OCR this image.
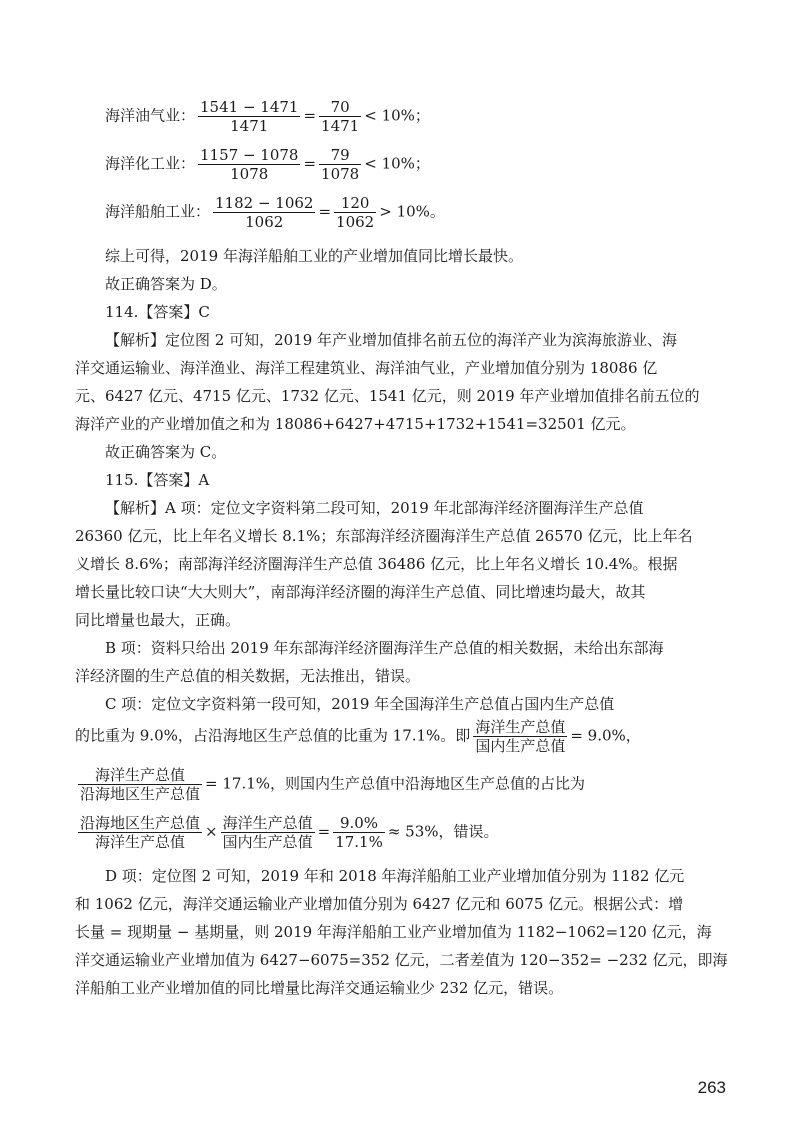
海洋油气业： $\frac{1541 - 1471}{1471} = \frac{70}{1471} < 10\%$；
海洋化工业： $\frac{1157 - 1078}{1078} = \frac{79}{1078} < 10\%$；
海洋船舶工业： $\frac{1182 - 1062}{1062} = \frac{120}{1062} > 10\%$。
综上可得，2019 年海洋船舶工业的产业增加值同比增长最快。
故正确答案为 D。
114.【答案】C
【解析】定位图 2 可知，2019 年产业增加值排名前五位的海洋产业为滨海旅游业、海
洋交通运输业、海洋渔业、海洋工程建筑业、海洋油气业，产业增加值分别为 18086 亿
元、6427 亿元、4715 亿元、1732 亿元、1541 亿元，则 2019 年产业增加值排名前五位的
海洋产业的产业增加值之和为 18086+6427+4715+1732+1541=32501 亿元。
故正确答案为 C。
115.【答案】A
【解析】A 项：定位文字资料第二段可知，2019 年北部海洋经济圈海洋生产总值
26360 亿元，比上年名义增长 8.1%；东部海洋经济圈海洋生产总值 26570 亿元，比上年名
义增长 8.6%；南部海洋经济圈海洋生产总值 36486 亿元，比上年名义增长 10.4%。根据
增长量比较口诀“大大则大”，南部海洋经济圈的海洋生产总值、同比增速均最大，故其
同比增量也最大，正确。
B 项：资料只给出 2019 年东部海洋经济圈海洋生产总值的相关数据，未给出东部海
洋经济圈的生产总值的相关数据，无法推出，错误。
C 项：定位文字资料第一段可知，2019 年全国海洋生产总值占国内生产总值
的比重为 9.0%，占沿海地区生产总值的比重为 17.1%。即 $\frac{\text{海洋生产总值}}{\text{国内生产总值}} = 9.0\%$，
$\frac{\text{海洋生产总值}}{\text{沿海地区生产总值}} = 17.1\%$，则国内生产总值中沿海地区生产总值的占比为
$\frac{\text{沿海地区生产总值}}{\text{海洋生产总值}} \times \frac{\text{海洋生产总值}}{\text{国内生产总值}} = \frac{9.0\%}{17.1\%} \approx 53\%$，错误。
D 项：定位图 2 可知，2019 年和 2018 年海洋船舶工业产业增加值分别为 1182 亿元
和 1062 亿元，海洋交通运输业产业增加值分别为 6427 亿元和 6075 亿元。根据公式：增
长量 = 现期量 − 基期量，则 2019 年海洋船舶工业产业增加值为 1182−1062=120 亿元，海
洋交通运输业产业增加值为 6427−6075=352 亿元，二者差值为 120−352= −232 亿元，即海
洋船舶工业产业增加值的同比增量比海洋交通运输业少 232 亿元，错误。
263
